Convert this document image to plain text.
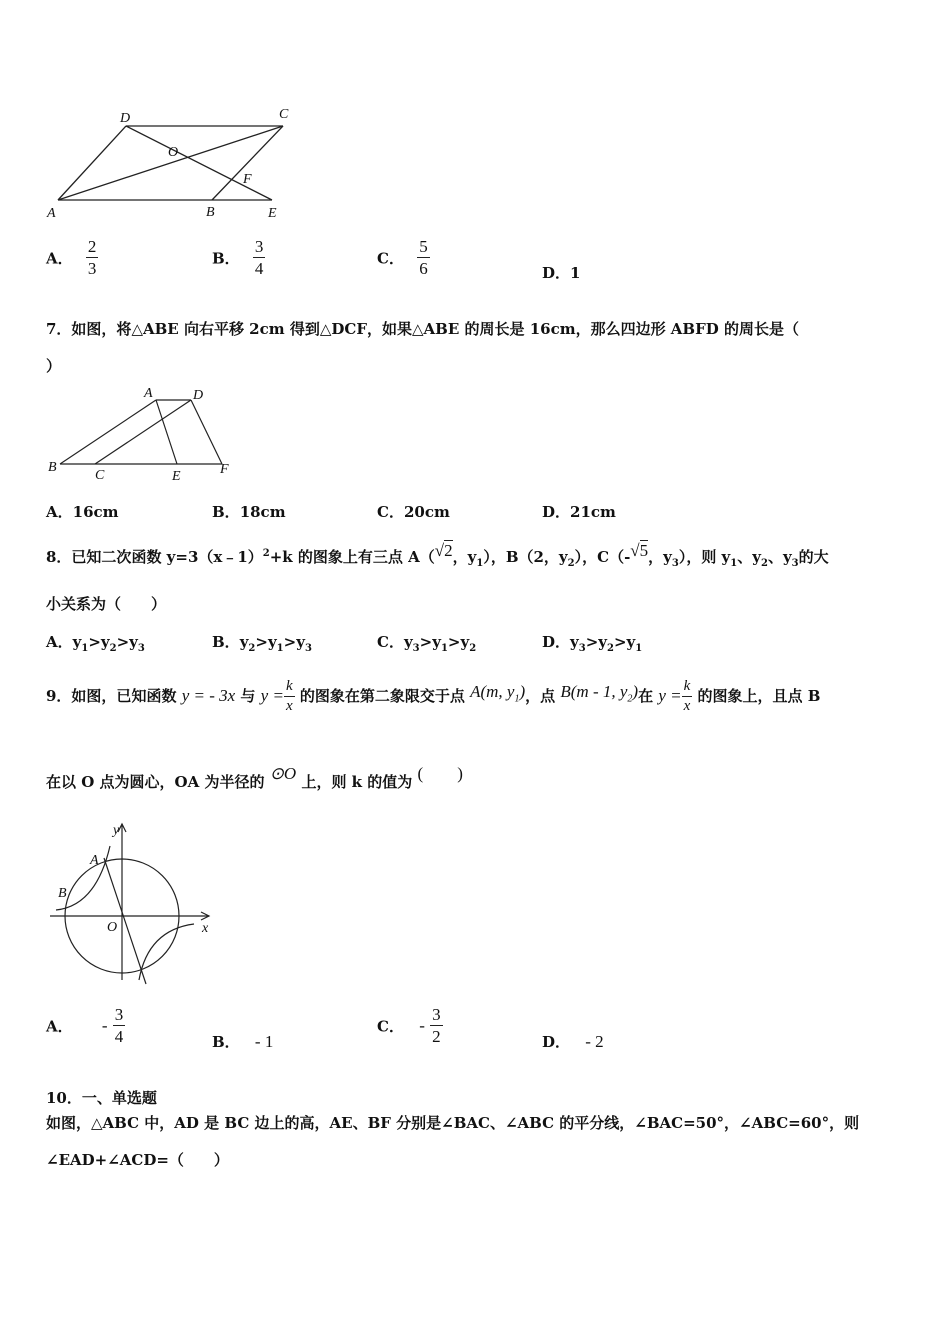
D	C
O
F
A	B	E
A． $\frac{2}{3}$	B． $\frac{3}{4}$	C． $\frac{5}{6}$	D．1
7．如图，将△ABE 向右平移 2cm 得到△DCF，如果△ABE 的周长是 16cm，那么四边形 ABFD 的周长是（
）
A	D
B
C	E	F
A．16cm	B．18cm	C．20cm	D．21cm
8．已知二次函数 y=3（x﹣1）$^2$+k 的图象上有三点 A（√2，$y_1$），B（2，$y_2$），C（-√5，$y_3$），则 $y_1$、$y_2$、$y_3$的大
小关系为（　　）
A．$y_1>y_2>y_3$	B．$y_2>y_1>y_3$	C．$y_3>y_1>y_2$	D．$y_3>y_2>y_1$
9．如图，已知函数 y = - 3x 与 $y = \frac{k}{x}$ 的图象在第二象限交于点 A(m, $y_1$)，点 B(m - 1, $y_2$)在 $y = \frac{k}{x}$ 的图象上，且点 B
在以 O 点为圆心，OA 为半径的 ⊙O 上，则 k 的值为 (　　)
y
A
B
O	x
A． - $\frac{3}{4}$	B． - 1
C． - $\frac{3}{2}$	D． - 2
10．一、单选题
如图，△ABC 中，AD 是 BC 边上的高，AE、BF 分别是∠BAC、∠ABC 的平分线，∠BAC=50°，∠ABC=60°，则
∠EAD+∠ACD=（　　）
